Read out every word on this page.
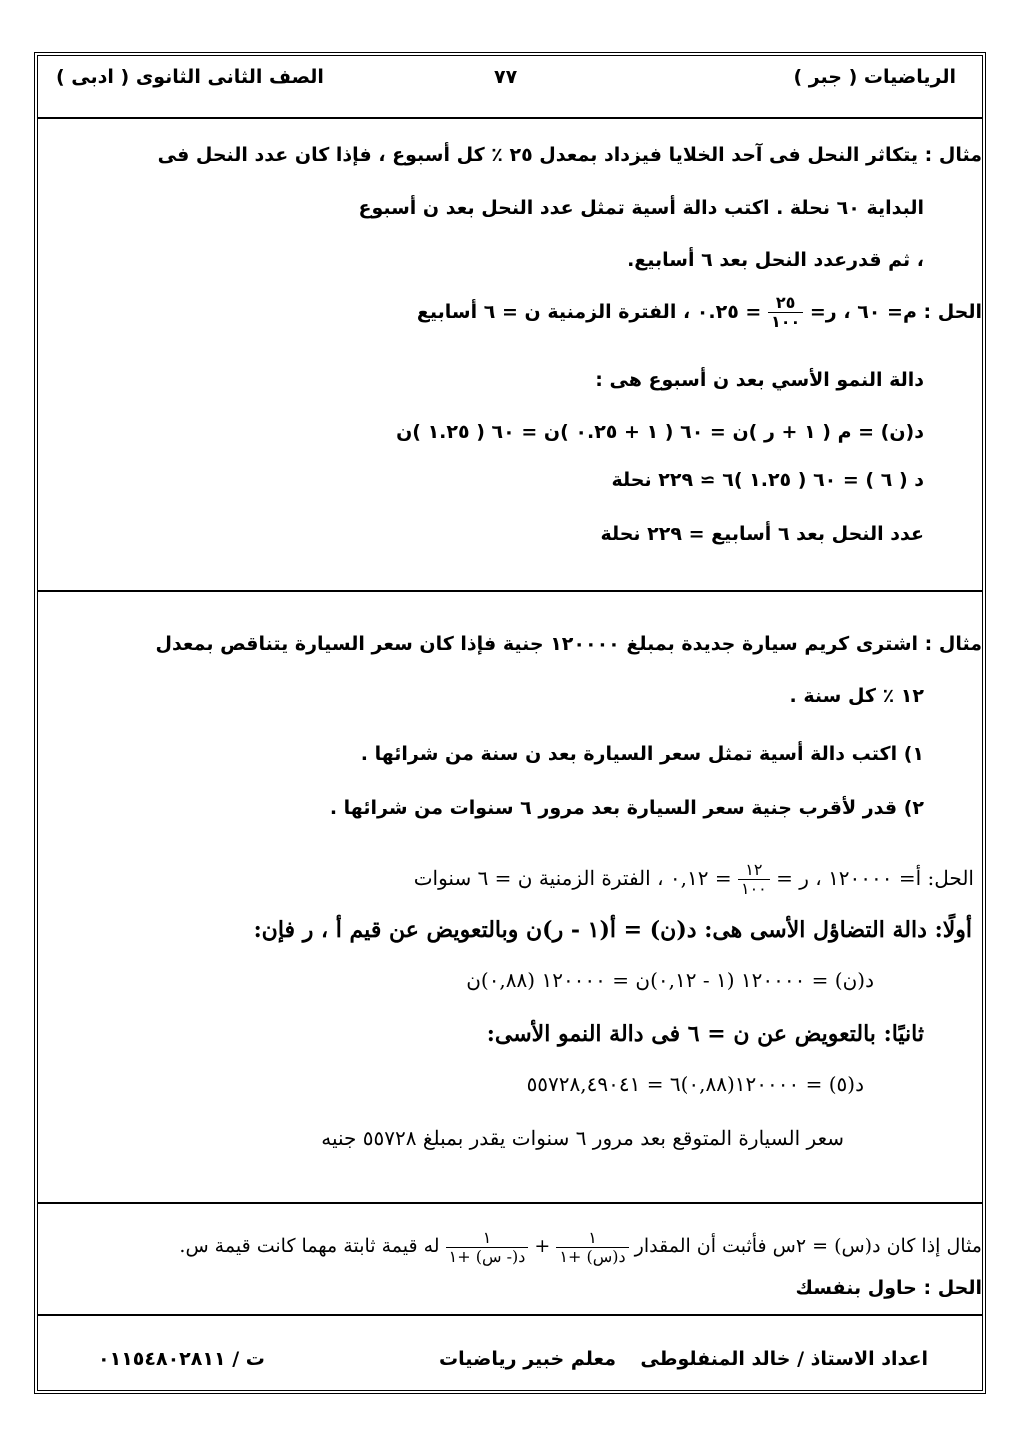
الرياضيات ( جبر )
٧٧
الصف الثانى الثانوى ( ادبى )
مثال : يتكاثر النحل فى آحد الخلايا فيزداد بمعدل ٢٥ ٪ كل أسبوع ، فإذا كان عدد النحل فى
البداية ٦٠ نحلة . اكتب دالة أسية تمثل عدد النحل بعد ن أسبوع
، ثم قدرعدد النحل بعد ٦ أسابيع.
الحل : ﻡ= ٦٠ ، ر=
$\frac{٢٥}{١٠٠}$
= ٠.٢٥ ، الفترة الزمنية ن = ٦ أسابيع
دالة النمو الأسي بعد ن أسبوع هى :
د(ن) = ﻡ ( ١ + ر )ن = ٦٠ ( ١ + ٠.٢٥ )ن = ٦٠ ( ١.٢٥ )ن
د ( ٦ ) = ٦٠ ( ١.٢٥ )٦ ≃ ٢٢٩ نحلة
عدد النحل بعد ٦ أسابيع = ٢٢٩ نحلة
مثال : اشترى كريم سيارة جديدة بمبلغ ١٢٠٠٠٠ جنية فإذا كان سعر السيارة يتناقص بمعدل
١٢ ٪ كل سنة .
١) اكتب دالة أسية تمثل سعر السيارة بعد ن سنة من شرائها .
٢) قدر لأقرب جنية سعر السيارة بعد مرور ٦ سنوات من شرائها .
الحل: أ= ١٢٠٠٠٠ ، ر =
$\frac{١٢}{١٠٠}$
= ٠,١٢ ، الفترة الزمنية ن = ٦ سنوات
أولًا: دالة التضاؤل الأسى هى: د(ن) = أ(١ - ر)ن وبالتعويض عن قيم أ ، ر فإن:
د(ن) = ١٢٠٠٠٠ (١ - ٠,١٢)ن = ١٢٠٠٠٠ (٠,٨٨)ن
ثانيًا: بالتعويض عن ن = ٦ فى دالة النمو الأسى:
د(٥) = ١٢٠٠٠٠(٠,٨٨)٦ = ٥٥٧٢٨,٤٩٠٤١
سعر السيارة المتوقع بعد مرور ٦ سنوات يقدر بمبلغ ٥٥٧٢٨ جنيه
مثال إذا كان د(س) = ٢س فأثبت أن المقدار
$\frac{١}{\text{د(س) +١}}$
+
$\frac{١}{\text{د(- س) +١}}$
له قيمة ثابتة مهما كانت قيمة س.
الحل : حاول بنفسك
اعداد الاستاذ / خالد المنفلوطى
معلم خبير رياضيات
ت / ٠١١٥٤٨٠٢٨١١
